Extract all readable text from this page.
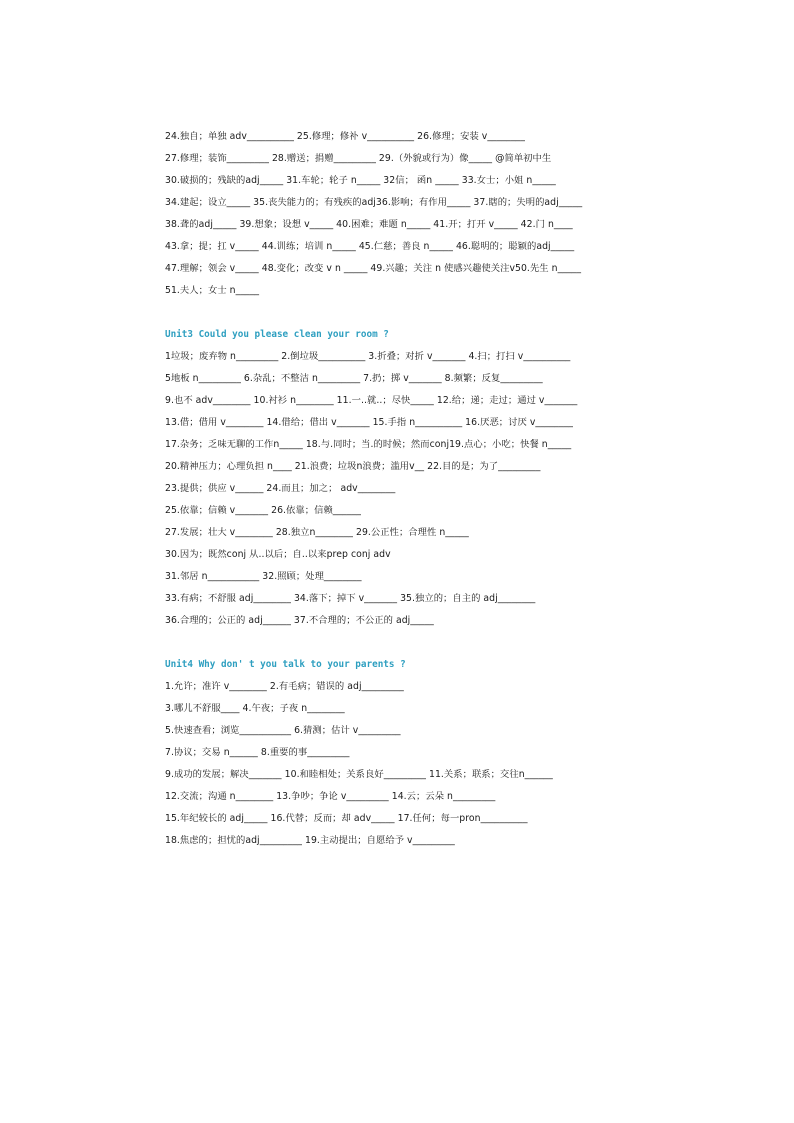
24.独自；单独 adv__________ 25.修理；修补 v__________ 26.修理；安装 v________
27.修理；装饰_________ 28.赠送；捐赠_________ 29.（外貌或行为）像_____ @简单初中生
30.破损的；残缺的adj_____ 31.车轮；轮子 n_____ 32信； 函n _____ 33.女士；小姐 n_____
34.建起；设立_____ 35.丧失能力的；有残疾的adj36.影响；有作用_____ 37.瞎的；失明的adj_____
38.聋的adj_____ 39.想象；设想 v_____ 40.困难；难题 n_____ 41.开；打开 v_____ 42.门 n____
43.拿；提；扛 v_____ 44.训练；培训 n_____ 45.仁慈；善良 n_____ 46.聪明的；聪颖的adj_____
47.理解；领会 v_____ 48.变化；改变 v n _____ 49.兴趣；关注 n 使感兴趣使关注v50.先生 n_____
51.夫人；女士 n_____
Unit3 Could you please clean your room ?
1垃圾；废弃物 n_________ 2.倒垃圾__________ 3.折叠；对折 v_______ 4.扫；打扫 v__________
5地板 n_________ 6.杂乱；不整洁 n_________ 7.扔；掷 v_______ 8.频繁；反复_________
9.也不 adv________ 10.衬衫 n________ 11.一..就..；尽快_____ 12.给；递；走过；通过 v_______
13.借；借用 v________ 14.借给；借出 v_______ 15.手指 n__________ 16.厌恶；讨厌 v________
17.杂务；乏味无聊的工作n_____ 18.与.同时；当.的时候；然而conj19.点心；小吃；快餐 n_____
20.精神压力；心理负担 n____ 21.浪费；垃圾n浪费；滥用v__ 22.目的是；为了_________
23.提供；供应 v______ 24.而且；加之； adv________
25.依靠；信赖 v_______ 26.依靠；信赖______
27.发展；壮大 v________ 28.独立n________ 29.公正性；合理性 n_____
30.因为；既然conj 从..以后；自..以来prep conj adv
31.邻居 n___________ 32.照顾；处理________
33.有病；不舒服 adj________ 34.落下；掉下 v_______ 35.独立的；自主的 adj________
36.合理的；公正的 adj______ 37.不合理的；不公正的 adj_____
Unit4 Why don' t you talk to your parents ?
1.允许；准许 v________ 2.有毛病；错误的 adj_________
3.哪儿不舒服____ 4.午夜；子夜 n________
5.快速查看；浏览___________ 6.猜测；估计 v_________
7.协议；交易 n______ 8.重要的事_________
9.成功的发展；解决_______ 10.和睦相处；关系良好_________ 11.关系；联系；交往n______
12.交流；沟通 n________ 13.争吵；争论 v_________ 14.云；云朵 n_________
15.年纪较长的 adj_____ 16.代替；反而；却 adv_____ 17.任何；每一pron__________
18.焦虑的；担忧的adj_________ 19.主动提出；自愿给予 v_________
